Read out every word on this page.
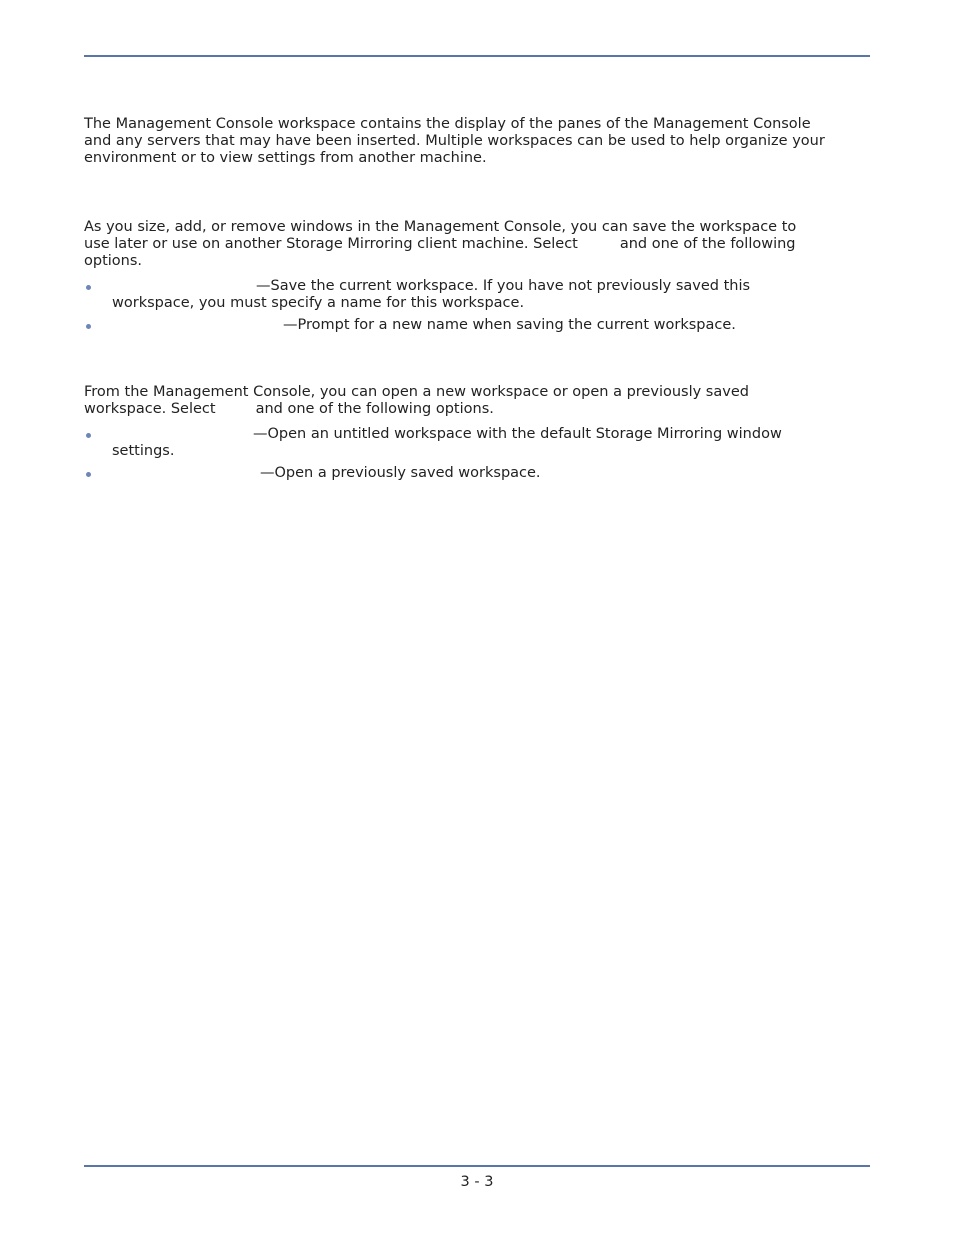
The Management Console workspace contains the display of the panes of the Management Console
and any servers that may have been inserted. Multiple workspaces can be used to help organize your
environment or to view settings from another machine.

As you size, add, or remove windows in the Management Console, you can save the workspace to
use later or use on another Storage Mirroring client machine. Select	and one of the following
options.

—Save the current workspace. If you have not previously saved this
workspace, you must specify a name for this workspace.
—Prompt for a new name when saving the current workspace.

From the Management Console, you can open a new workspace or open a previously saved
workspace. Select	and one of the following options.

—Open an untitled workspace with the default Storage Mirroring window
settings.
—Open a previously saved workspace.
3 - 3
